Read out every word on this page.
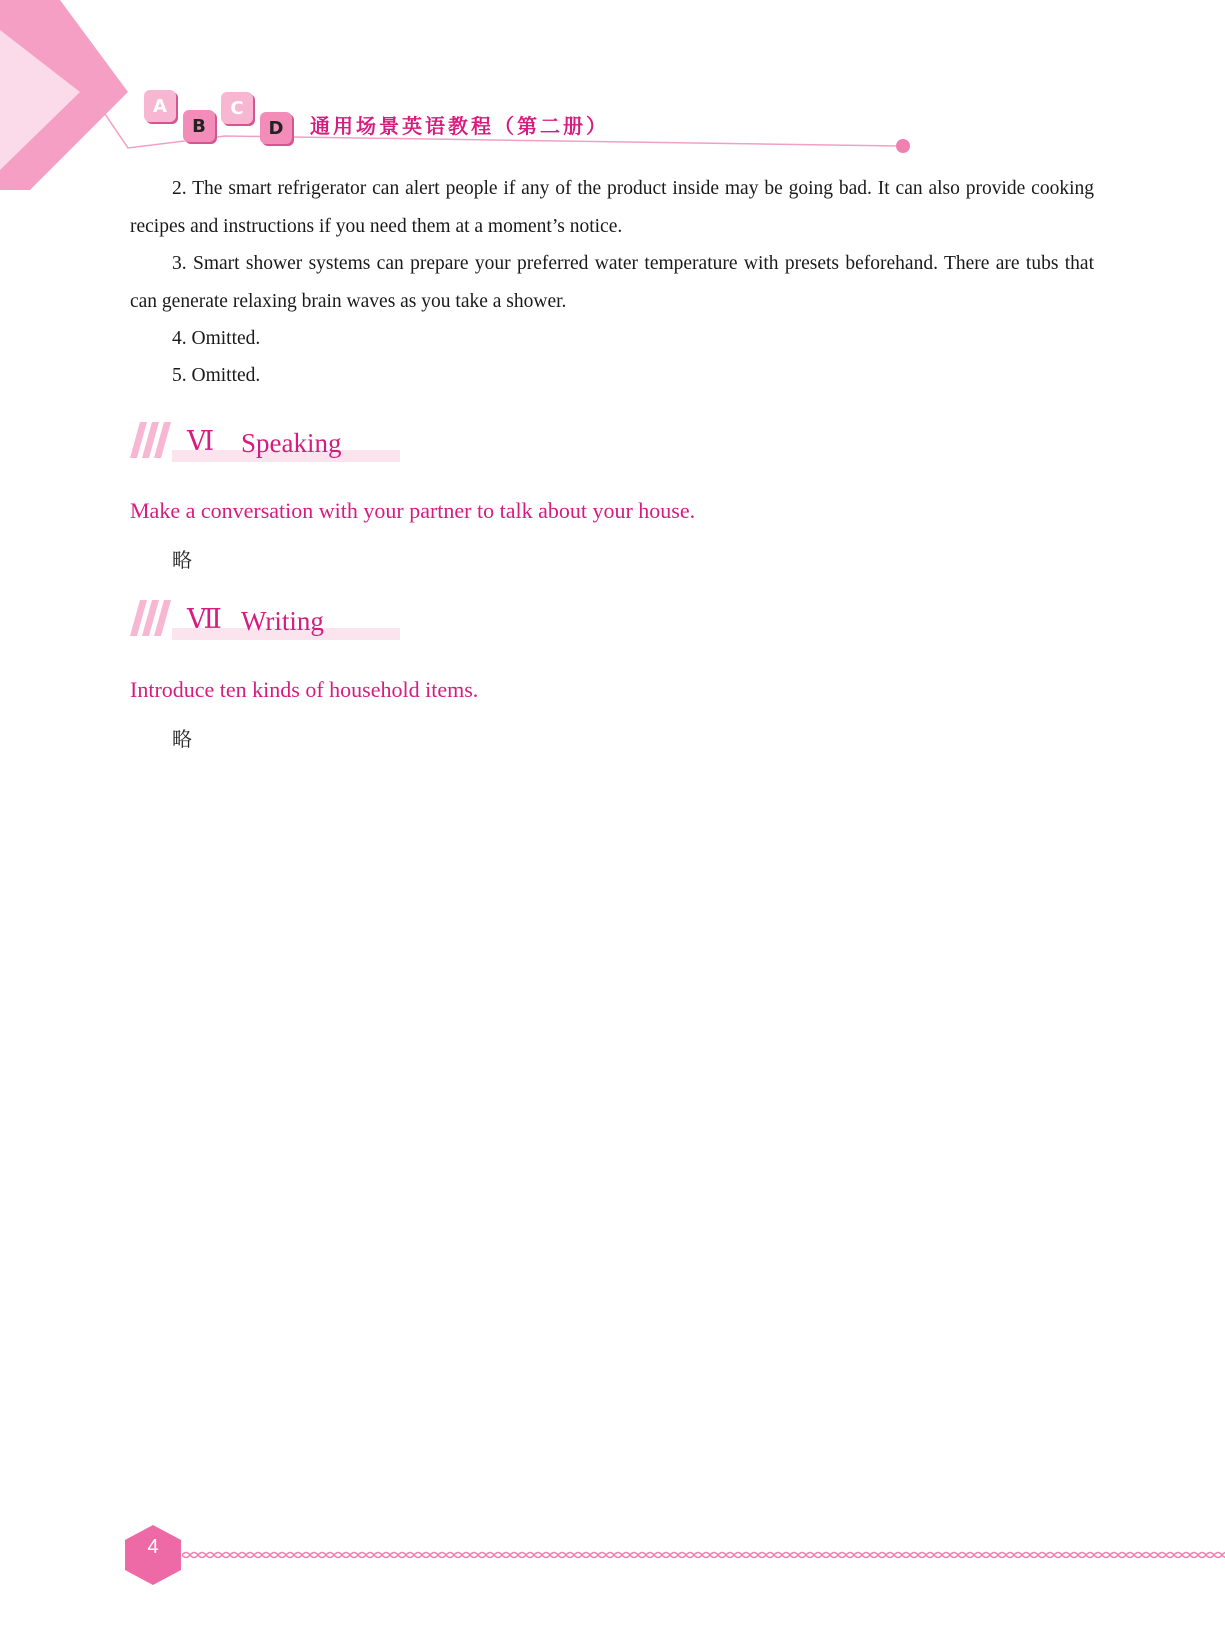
A
B
C
D	通用场景英语教程（第二册）
2. The smart refrigerator can alert people if any of the product inside may be going bad. It can also provide cooking recipes and instructions if you need them at a moment’s notice.
3. Smart shower systems can prepare your preferred water temperature with presets beforehand. There are tubs that can generate relaxing brain waves as you take a shower.
4. Omitted.
5. Omitted.
Ⅵ Speaking
Make a conversation with your partner to talk about your house.
略
Ⅶ Writing
Introduce ten kinds of household items.
略
4
